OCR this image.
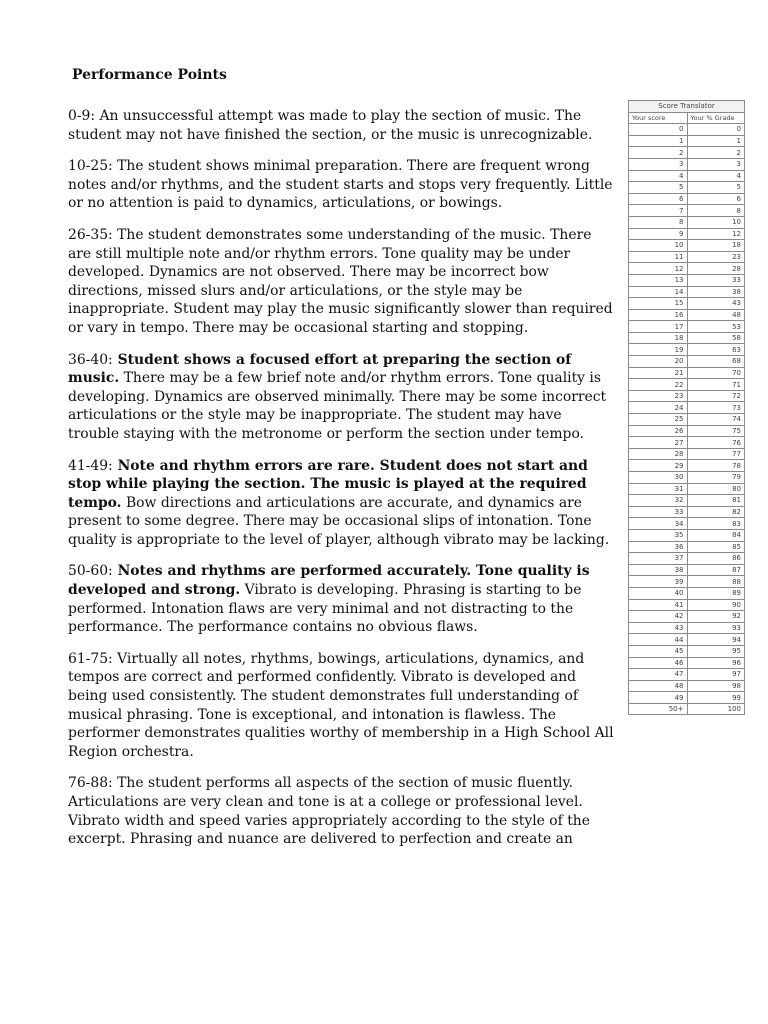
Performance Points

0-9: An unsuccessful attempt was made to play the section of music. The student may not have finished the section, or the music is unrecognizable.

10-25: The student shows minimal preparation. There are frequent wrong notes and/or rhythms, and the student starts and stops very frequently. Little or no attention is paid to dynamics, articulations, or bowings.

26-35: The student demonstrates some understanding of the music. There are still multiple note and/or rhythm errors. Tone quality may be under developed. Dynamics are not observed. There may be incorrect bow directions, missed slurs and/or articulations, or the style may be inappropriate. Student may play the music significantly slower than required or vary in tempo. There may be occasional starting and stopping.

36-40: Student shows a focused effort at preparing the section of music. There may be a few brief note and/or rhythm errors. Tone quality is developing. Dynamics are observed minimally. There may be some incorrect articulations or the style may be inappropriate. The student may have trouble staying with the metronome or perform the section under tempo.

41-49: Note and rhythm errors are rare. Student does not start and stop while playing the section. The music is played at the required tempo. Bow directions and articulations are accurate, and dynamics are present to some degree. There may be occasional slips of intonation. Tone quality is appropriate to the level of player, although vibrato may be lacking.

50-60: Notes and rhythms are performed accurately. Tone quality is developed and strong. Vibrato is developing. Phrasing is starting to be performed. Intonation flaws are very minimal and not distracting to the performance. The performance contains no obvious flaws.

61-75: Virtually all notes, rhythms, bowings, articulations, dynamics, and tempos are correct and performed confidently. Vibrato is developed and being used consistently. The student demonstrates full understanding of musical phrasing. Tone is exceptional, and intonation is flawless. The performer demonstrates qualities worthy of membership in a High School All Region orchestra.

76-88: The student performs all aspects of the section of music fluently. Articulations are very clean and tone is at a college or professional level. Vibrato width and speed varies appropriately according to the style of the excerpt. Phrasing and nuance are delivered to perfection and create an

Score Translator	
Your score	Your % Grade
0	0
1	1
2	2
3	3
4	4
5	5
6	6
7	8
8	10
9	12
10	18
11	23
12	28
13	33
14	38
15	43
16	48
17	53
18	58
19	63
20	68
21	70
22	71
23	72
24	73
25	74
26	75
27	76
28	77
29	78
30	79
31	80
32	81
33	82
34	83
35	84
36	85
37	86
38	87
39	88
40	89
41	90
42	92
43	93
44	94
45	95
46	96
47	97
48	98
49	99
50+	100
